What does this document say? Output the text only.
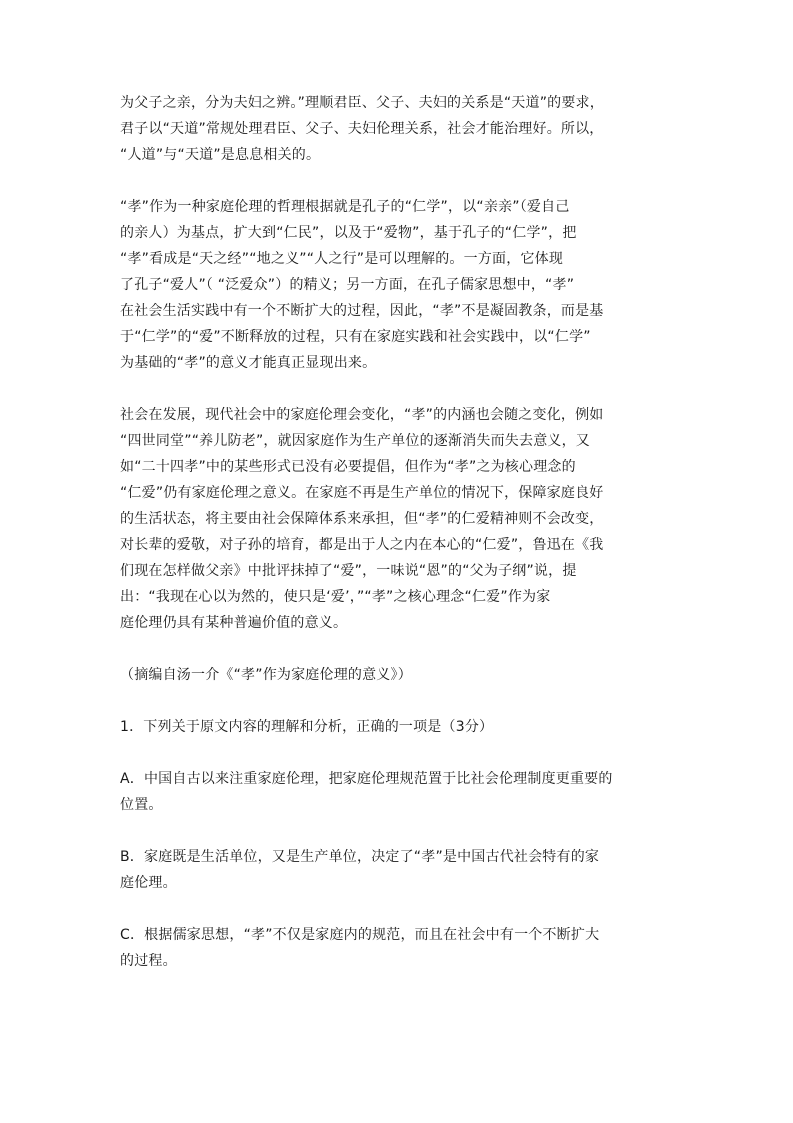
为父子之亲，分为夫妇之辨。”理顺君臣、父子、夫妇的关系是“天道”的要求，
君子以“天道”常规处理君臣、父子、夫妇伦理关系，社会才能治理好。所以，
“人道”与“天道”是息息相关的。

“孝”作为一种家庭伦理的哲理根据就是孔子的“仁学”，以“亲亲”（爱自己
的亲人）为基点，扩大到“仁民”，以及于“爱物”，基于孔子的“仁学”，把
“孝”看成是“天之经”“地之义”“人之行”是可以理解的。一方面，它体现
了孔子“爱人”（ “泛爱众”）的精义；另一方面，在孔子儒家思想中，“孝”
在社会生活实践中有一个不断扩大的过程，因此，“孝”不是凝固教条，而是基
于“仁学”的“爱”不断释放的过程，只有在家庭实践和社会实践中，以“仁学”
为基础的“孝”的意义才能真正显现出来。

社会在发展，现代社会中的家庭伦理会变化，“孝”的内涵也会随之变化，例如
“四世同堂”“养儿防老”，就因家庭作为生产单位的逐渐消失而失去意义，又
如“二十四孝”中的某些形式已没有必要提倡，但作为“孝”之为核心理念的
“仁爱”仍有家庭伦理之意义。在家庭不再是生产单位的情况下，保障家庭良好
的生活状态，将主要由社会保障体系来承担，但“孝”的仁爱精神则不会改变，
对长辈的爱敬，对子孙的培育，都是出于人之内在本心的“仁爱”，鲁迅在《我
们现在怎样做父亲》中批评抹掉了“爱”，一味说“恩”的“父为子纲”说，提
出：“我现在心以为然的，使只是‘爱’，”“孝”之核心理念“仁爱”作为家
庭伦理仍具有某种普遍价值的意义。

（摘编自汤一介《“孝”作为家庭伦理的意义》）

1．下列关于原文内容的理解和分析，正确的一项是（3分）

A．中国自古以来注重家庭伦理，把家庭伦理规范置于比社会伦理制度更重要的
位置。

B．家庭既是生活单位，又是生产单位，决定了“孝”是中国古代社会特有的家
庭伦理。

C．根据儒家思想，“孝”不仅是家庭内的规范，而且在社会中有一个不断扩大
的过程。
